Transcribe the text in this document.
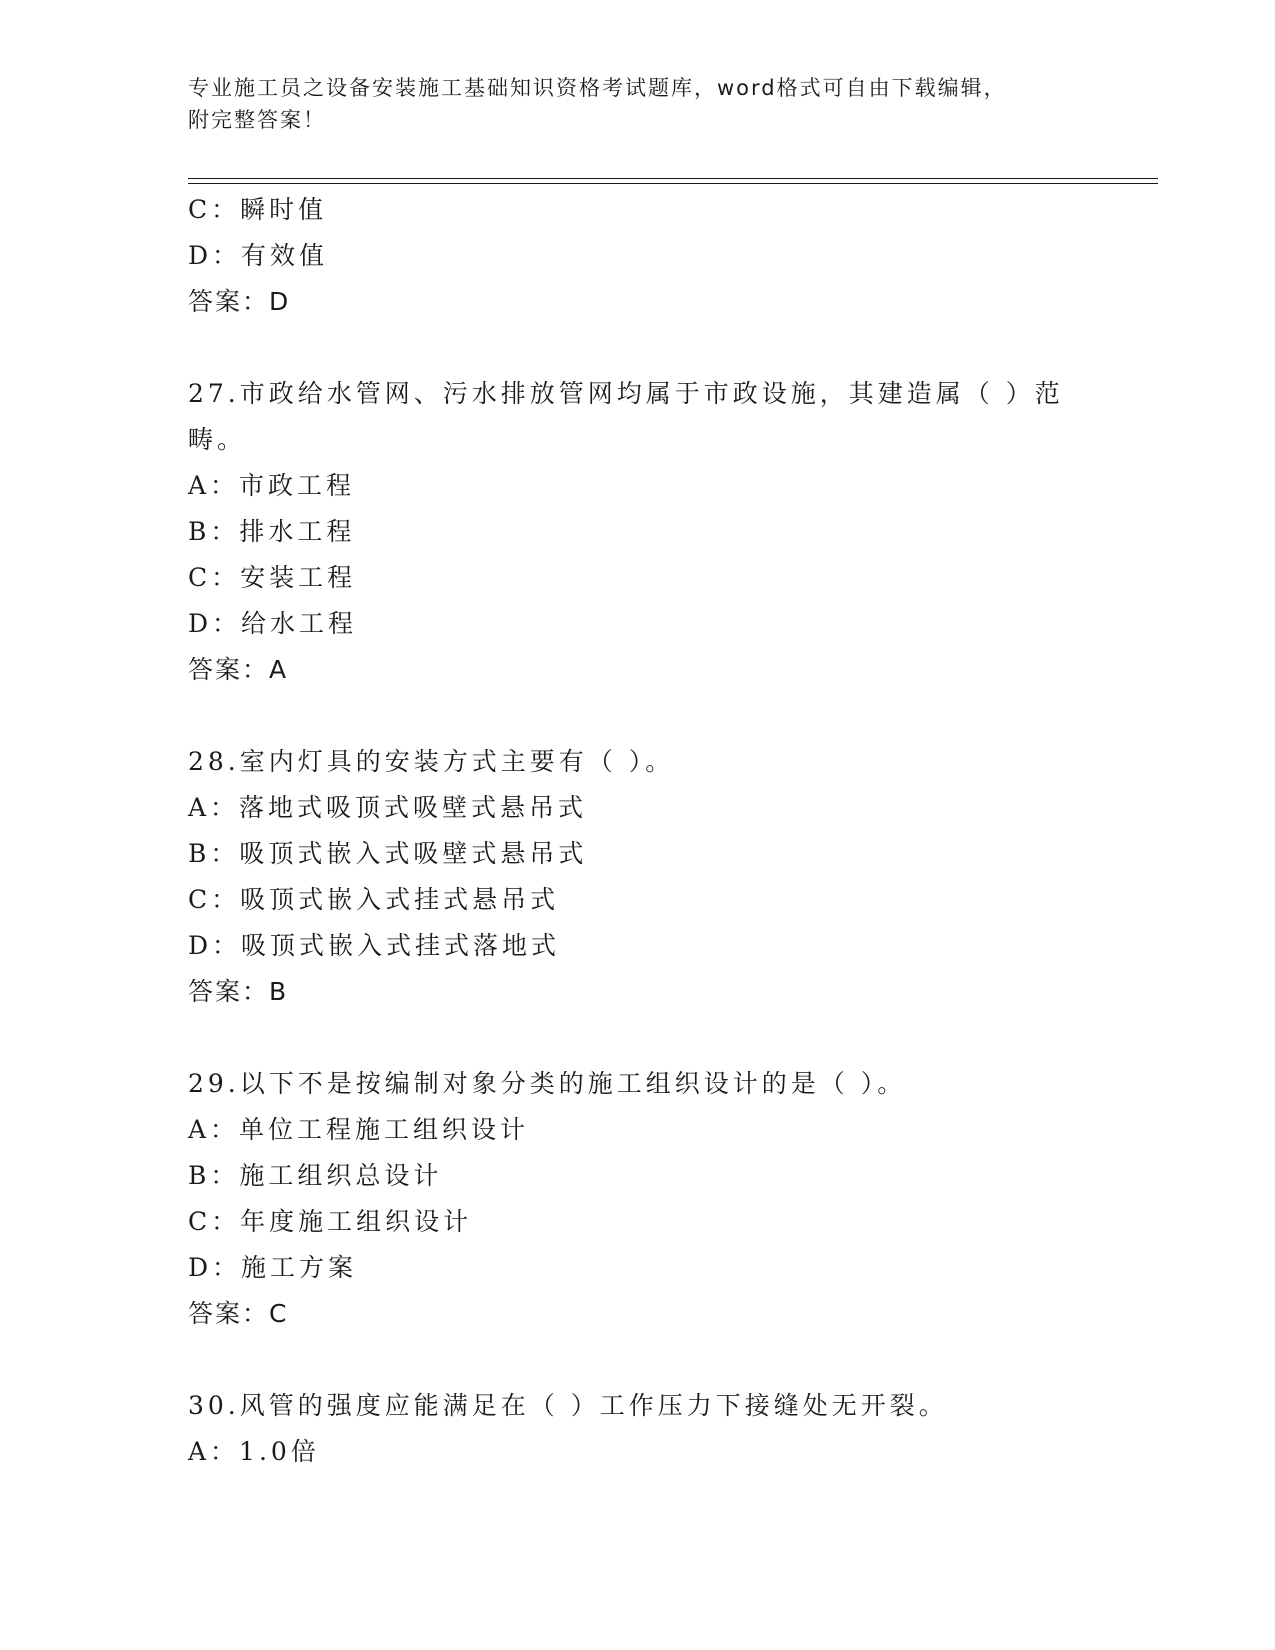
专业施工员之设备安装施工基础知识资格考试题库，word格式可自由下载编辑，
附完整答案！
C：瞬时值
D：有效值
答案：D
27.市政给水管网、污水排放管网均属于市政设施，其建造属（ ）范
畴。
A：市政工程
B：排水工程
C：安装工程
D：给水工程
答案：A
28.室内灯具的安装方式主要有（ ）。
A：落地式吸顶式吸壁式悬吊式
B：吸顶式嵌入式吸壁式悬吊式
C：吸顶式嵌入式挂式悬吊式
D：吸顶式嵌入式挂式落地式
答案：B
29.以下不是按编制对象分类的施工组织设计的是（ ）。
A：单位工程施工组织设计
B：施工组织总设计
C：年度施工组织设计
D：施工方案
答案：C
30.风管的强度应能满足在（ ）工作压力下接缝处无开裂。
A：1.0倍
